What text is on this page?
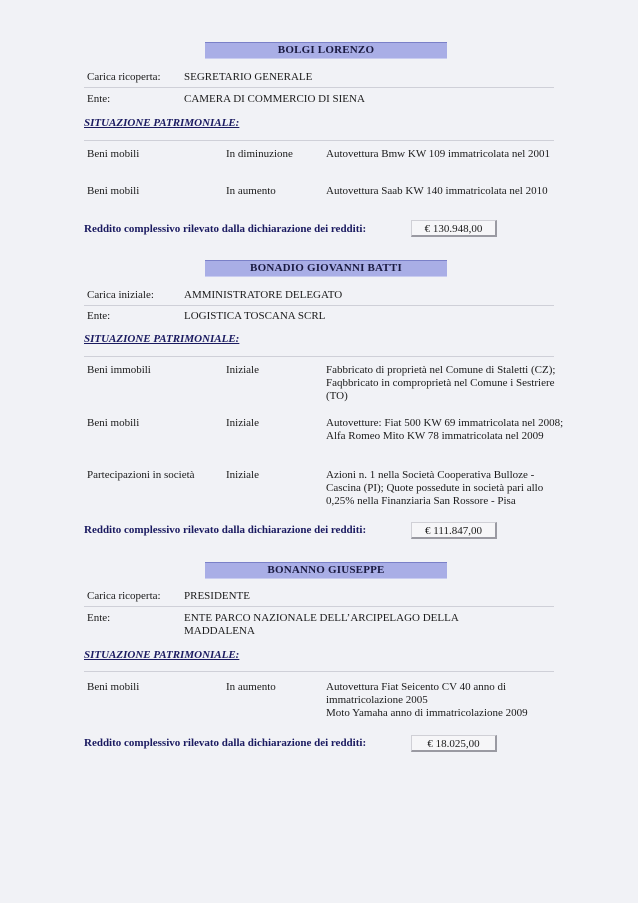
BOLGI LORENZO
Carica ricoperta: SEGRETARIO GENERALE
Ente:	CAMERA DI COMMERCIO DI SIENA
SITUAZIONE PATRIMONIALE:
Beni mobili	In diminuzione	Autovettura Bmw KW 109 immatricolata nel 2001
Beni mobili	In aumento	Autovettura Saab KW 140 immatricolata nel 2010
Reddito complessivo rilevato dalla dichiarazione dei redditi:	€ 130.948,00
BONADIO GIOVANNI BATTI
Carica iniziale:	AMMINISTRATORE DELEGATO
Ente:	LOGISTICA TOSCANA SCRL
SITUAZIONE PATRIMONIALE:
Beni immobili	Iniziale	Fabbricato di proprietà nel Comune di Staletti (CZ); Faqbbricato in comproprietà nel Comune i Sestriere (TO)
Beni mobili	Iniziale	Autovetture: Fiat 500 KW 69 immatricolata nel 2008; Alfa Romeo Mito KW 78 immatricolata nel 2009
Partecipazioni in società	Iniziale	Azioni n. 1 nella Società Cooperativa Bulloze - Cascina (PI); Quote possedute in società pari allo 0,25% nella Finanziaria San Rossore - Pisa
Reddito complessivo rilevato dalla dichiarazione dei redditi:	€ 111.847,00
BONANNO GIUSEPPE
Carica ricoperta: PRESIDENTE
Ente:	ENTE PARCO NAZIONALE DELL’ARCIPELAGO DELLA MADDALENA
SITUAZIONE PATRIMONIALE:
Beni mobili	In aumento	Autovettura Fiat Seicento CV 40 anno di immatricolazione 2005
Moto Yamaha anno di immatricolazione 2009
Reddito complessivo rilevato dalla dichiarazione dei redditi:	€ 18.025,00
